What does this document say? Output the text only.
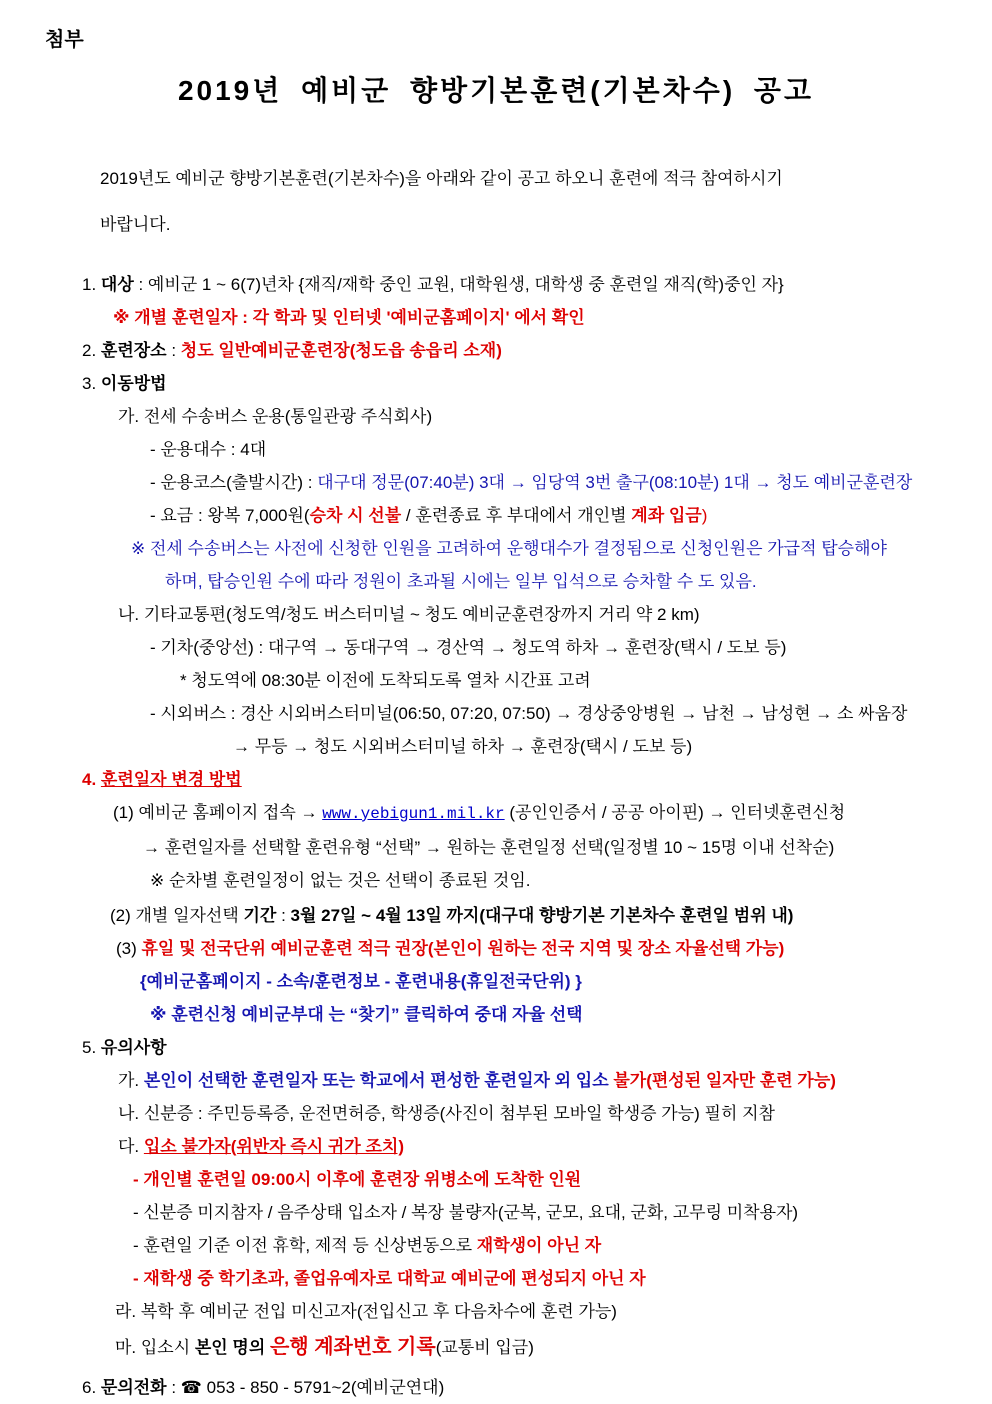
첨부
2019년 예비군 향방기본훈련(기본차수) 공고
2019년도 예비군 향방기본훈련(기본차수)을 아래와 같이 공고 하오니 훈련에 적극 참여하시기
바랍니다.
1. 대상 : 예비군 1 ~ 6(7)년차 {재직/재학 중인 교원, 대학원생, 대학생 중 훈련일 재직(학)중인 자}
※ 개별 훈련일자 : 각 학과 및 인터넷 '예비군홈페이지' 에서 확인
2. 훈련장소 : 청도 일반예비군훈련장(청도읍 송읍리 소재)
3. 이동방법
가. 전세 수송버스 운용(통일관광 주식회사)
- 운용대수 : 4대
- 운용코스(출발시간) : 대구대 정문(07:40분) 3대 → 임당역 3번 출구(08:10분) 1대 → 청도 예비군훈련장
- 요금 : 왕복 7,000원(승차 시 선불 / 훈련종료 후 부대에서 개인별 계좌 입금)
※ 전세 수송버스는 사전에 신청한 인원을 고려하여 운행대수가 결정됨으로 신청인원은 가급적 탑승해야
하며, 탑승인원 수에 따라 정원이 초과될 시에는 일부 입석으로 승차할 수 도 있음.
나. 기타교통편(청도역/청도 버스터미널 ~ 청도 예비군훈련장까지 거리 약 2 km)
- 기차(중앙선) : 대구역 → 동대구역 → 경산역 → 청도역 하차 → 훈련장(택시 / 도보 등)
* 청도역에 08:30분 이전에 도착되도록 열차 시간표 고려
- 시외버스 : 경산 시외버스터미널(06:50, 07:20, 07:50) → 경상중앙병원 → 남천 → 남성현 → 소 싸움장
→ 무등 → 청도 시외버스터미널 하차 → 훈련장(택시 / 도보 등)
4. 훈련일자 변경 방법
(1) 예비군 홈페이지 접속 → www.yebigun1.mil.kr (공인인증서 / 공공 아이핀) → 인터넷훈련신청
→ 훈련일자를 선택할 훈련유형 “선택” → 원하는 훈련일정 선택(일정별 10 ~ 15명 이내 선착순)
※ 순차별 훈련일정이 없는 것은 선택이 종료된 것임.
(2) 개별 일자선택 기간 : 3월 27일 ~ 4월 13일 까지(대구대 향방기본 기본차수 훈련일 범위 내)
(3) 휴일 및 전국단위 예비군훈련 적극 권장(본인이 원하는 전국 지역 및 장소 자율선택 가능)
{예비군홈페이지 - 소속/훈련정보 - 훈련내용(휴일전국단위) }
※ 훈련신청 예비군부대 는 “찾기” 클릭하여 중대 자율 선택
5. 유의사항
가. 본인이 선택한 훈련일자 또는 학교에서 편성한 훈련일자 외 입소 불가(편성된 일자만 훈련 가능)
나. 신분증 : 주민등록증, 운전면허증, 학생증(사진이 첨부된 모바일 학생증 가능) 필히 지참
다. 입소 불가자(위반자 즉시 귀가 조치)
- 개인별 훈련일 09:00시 이후에 훈련장 위병소에 도착한 인원
- 신분증 미지참자 / 음주상태 입소자 / 복장 불량자(군복, 군모, 요대, 군화, 고무링 미착용자)
- 훈련일 기준 이전 휴학, 제적 등 신상변동으로 재학생이 아닌 자
- 재학생 중 학기초과, 졸업유예자로 대학교 예비군에 편성되지 아닌 자
라. 복학 후 예비군 전입 미신고자(전입신고 후 다음차수에 훈련 가능)
마. 입소시 본인 명의 은행 계좌번호 기록(교통비 입금)
6. 문의전화 : ☎ 053 - 850 - 5791~2(예비군연대)
